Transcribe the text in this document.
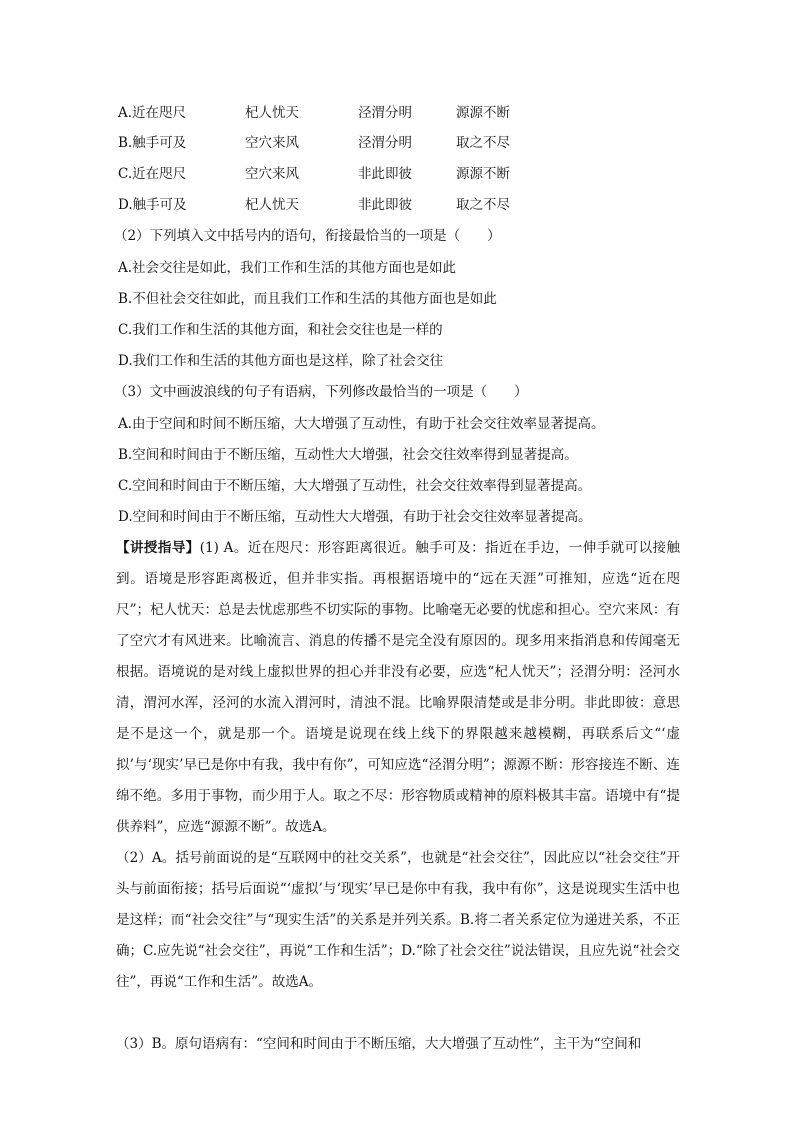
A.近在咫尺	杞人忧天	泾渭分明	源源不断
B.触手可及	空穴来风	泾渭分明	取之不尽
C.近在咫尺	空穴来风	非此即彼	源源不断
D.触手可及	杞人忧天	非此即彼	取之不尽
（2）下列填入文中括号内的语句，衔接最恰当的一项是（　　）
A.社会交往是如此，我们工作和生活的其他方面也是如此
B.不但社会交往如此，而且我们工作和生活的其他方面也是如此
C.我们工作和生活的其他方面，和社会交往也是一样的
D.我们工作和生活的其他方面也是这样，除了社会交往
（3）文中画波浪线的句子有语病，下列修改最恰当的一项是（　　）
A.由于空间和时间不断压缩，大大增强了互动性，有助于社会交往效率显著提高。
B.空间和时间由于不断压缩，互动性大大增强，社会交往效率得到显著提高。
C.空间和时间由于不断压缩，大大增强了互动性，社会交往效率得到显著提高。
D.空间和时间由于不断压缩，互动性大大增强，有助于社会交往效率显著提高。

【讲授指导】(1) A。近在咫尺：形容距离很近。触手可及：指近在手边，一伸手就可以接触到。语境是形容距离极近，但并非实指。再根据语境中的“远在天涯”可推知，应选“近在咫尺”；杞人忧天：总是去忧虑那些不切实际的事物。比喻毫无必要的忧虑和担心。空穴来风：有了空穴才有风进来。比喻流言、消息的传播不是完全没有原因的。现多用来指消息和传闻毫无根据。语境说的是对线上虚拟世界的担心并非没有必要，应选“杞人忧天”；泾渭分明：泾河水清，渭河水浑，泾河的水流入渭河时，清浊不混。比喻界限清楚或是非分明。非此即彼：意思是不是这一个，就是那一个。语境是说现在线上线下的界限越来越模糊，再联系后文“‘虚拟’与‘现实’早已是你中有我，我中有你”，可知应选“泾渭分明”；源源不断：形容接连不断、连绵不绝。多用于事物，而少用于人。取之不尽：形容物质或精神的原料极其丰富。语境中有“提供养料”，应选“源源不断”。故选A。

（2）A。括号前面说的是“互联网中的社交关系”，也就是“社会交往”，因此应以“社会交往”开头与前面衔接；括号后面说“‘虚拟’与‘现实’早已是你中有我，我中有你”，这是说现实生活中也是这样；而“社会交往”与“现实生活”的关系是并列关系。B.将二者关系定位为递进关系，不正确；C.应先说“社会交往”，再说“工作和生活”；D.“除了社会交往”说法错误，且应先说“社会交往”，再说“工作和生活”。故选A。

（3）B。原句语病有：“空间和时间由于不断压缩，大大增强了互动性”，主干为“空间和
